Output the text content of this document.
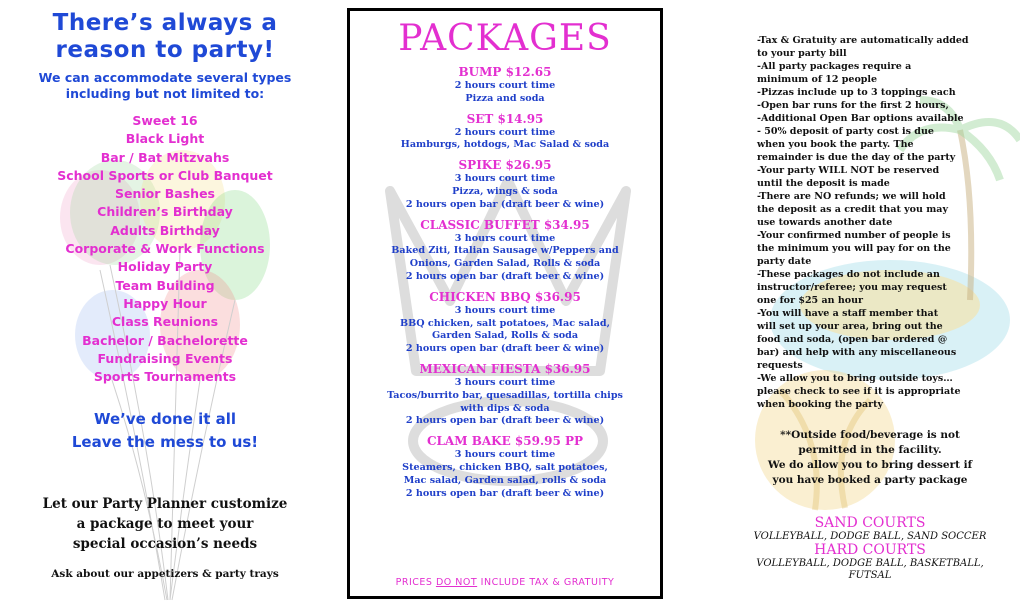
There’s always a
reason to party!
We can accommodate several types
including but not limited to:
Sweet 16
Black Light
Bar / Bat Mitzvahs
School Sports or Club Banquet
Senior Bashes
Children’s Birthday
Adults Birthday
Corporate & Work Functions
Holiday Party
Team Building
Happy Hour
Class Reunions
Bachelor / Bachelorette
Fundraising Events
Sports Tournaments
We’ve done it all
Leave the mess to us!
Let our Party Planner customize
a package to meet your
special occasion’s needs
Ask about our appetizers & party trays
PACKAGES
BUMP $12.65
2 hours court time
Pizza and soda
SET $14.95
2 hours court time
Hamburgs, hotdogs, Mac Salad & soda
SPIKE $26.95
3 hours court time
Pizza, wings & soda
2 hours open bar (draft beer & wine)
CLASSIC BUFFET $34.95
3 hours court time
Baked Ziti, Italian Sausage w/Peppers and
Onions, Garden Salad, Rolls & soda
2 hours open bar (draft beer & wine)
CHICKEN BBQ $36.95
3 hours court time
BBQ chicken, salt potatoes, Mac salad,
Garden Salad, Rolls & soda
2 hours open bar (draft beer & wine)
MEXICAN FIESTA $36.95
3 hours court time
Tacos/burrito bar, quesadillas, tortilla chips
with dips & soda
2 hours open bar (draft beer & wine)
CLAM BAKE $59.95 PP
3 hours court time
Steamers, chicken BBQ, salt potatoes,
Mac salad, Garden salad, rolls & soda
2 hours open bar (draft beer & wine)
PRICES DO NOT INCLUDE TAX & GRATUITY
-Tax & Gratuity are automatically added
to your party bill
-All party packages require a
minimum of 12 people
-Pizzas include up to 3 toppings each
-Open bar runs for the first 2 hours,
-Additional Open Bar options available
- 50% deposit of party cost is due
when you book the party. The
remainder is due the day of the party
-Your party WILL NOT be reserved
until the deposit is made
-There are NO refunds; we will hold
the deposit as a credit that you may
use towards another date
-Your confirmed number of people is
the minimum you will pay for on the
party date
-These packages do not include an
instructor/referee; you may request
one for $25 an hour
-You will have a staff member that
will set up your area, bring out the
food and soda, (open bar ordered @
bar) and help with any miscellaneous
requests
-We allow you to bring outside toys…
please check to see if it is appropriate
when booking the party
**Outside food/beverage is not
permitted in the facility.
We do allow you to bring dessert if
you have booked a party package
SAND COURTS
VOLLEYBALL, DODGE BALL, SAND SOCCER
HARD COURTS
VOLLEYBALL, DODGE BALL, BASKETBALL,
FUTSAL
